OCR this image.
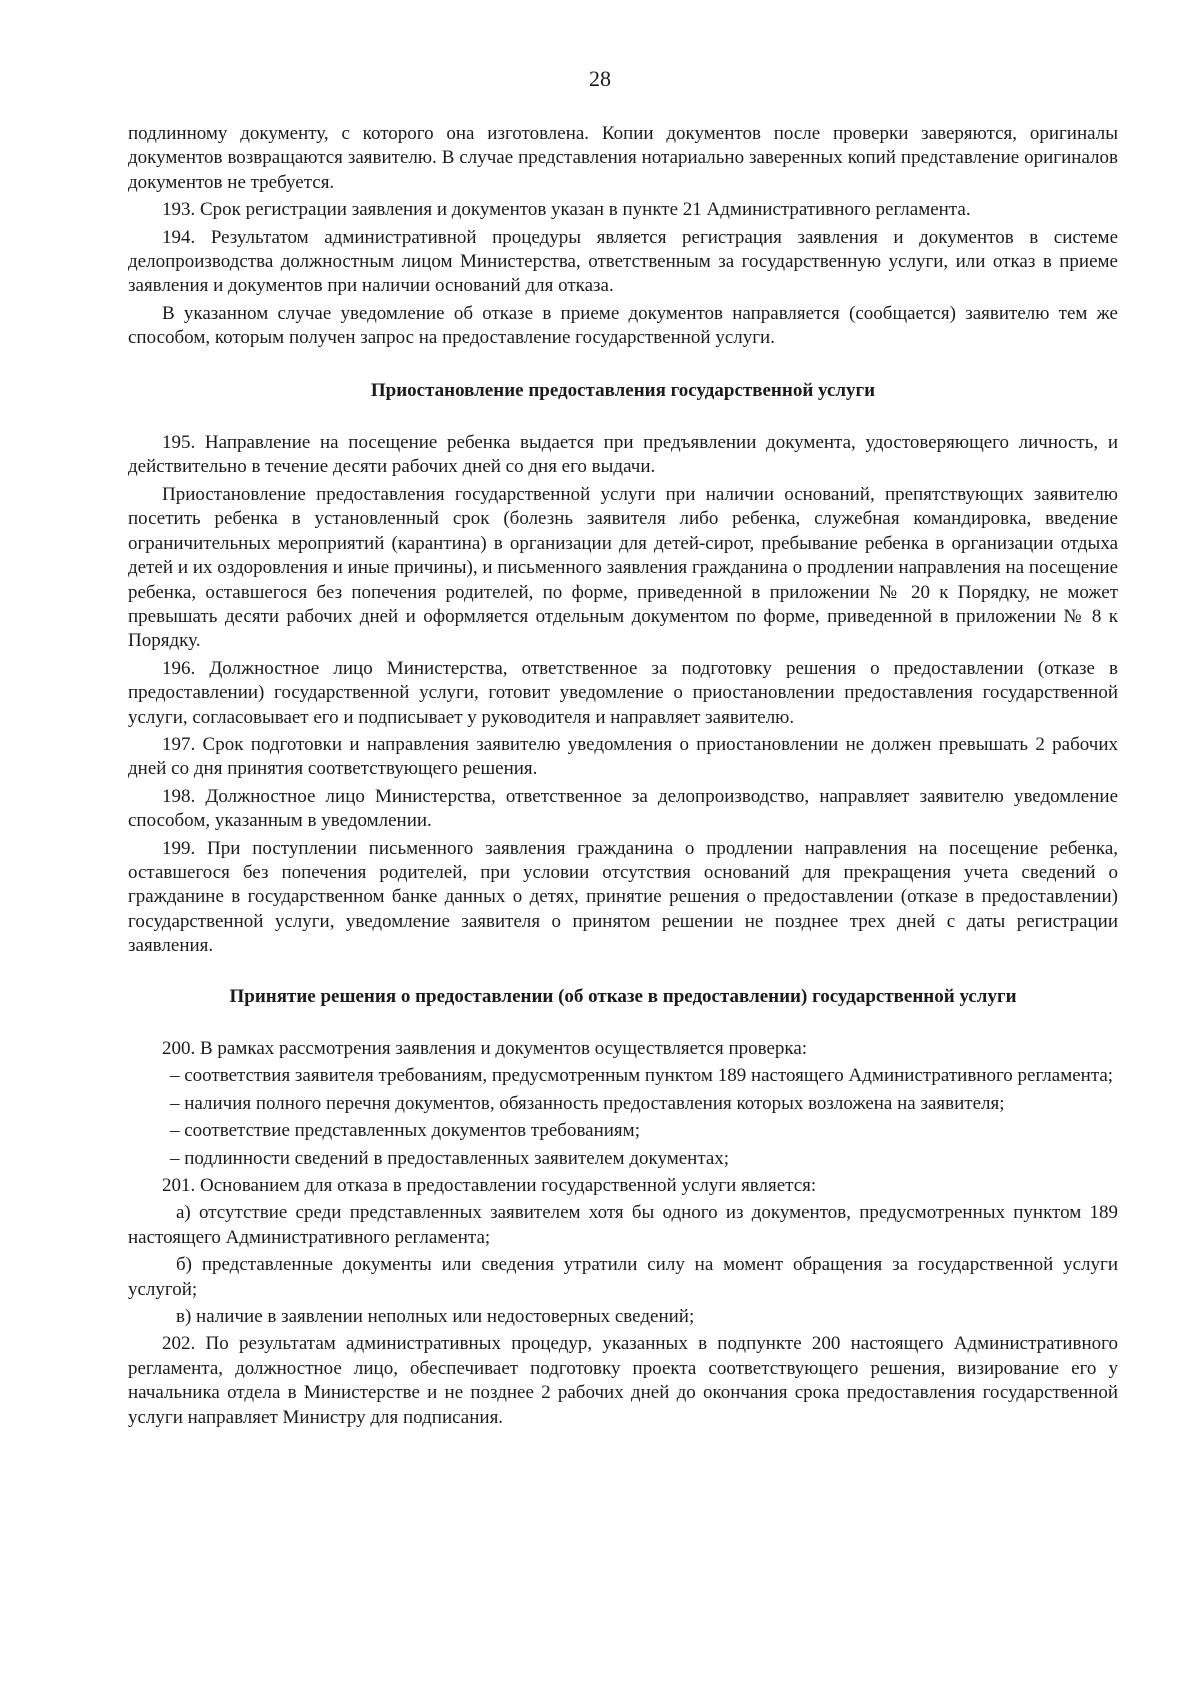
28

подлинному документу, с которого она изготовлена. Копии документов после проверки заверяются, оригиналы документов возвращаются заявителю. В случае представления нотариально заверенных копий представление оригиналов документов не требуется.

193. Срок регистрации заявления и документов указан в пункте 21 Административного регламента.

194. Результатом административной процедуры является регистрация заявления и документов в системе делопроизводства должностным лицом Министерства, ответственным за государственную услуги, или отказ в приеме заявления и документов при наличии оснований для отказа.

В указанном случае уведомление об отказе в приеме документов направляется (сообщается) заявителю тем же способом, которым получен запрос на предоставление государственной услуги.

Приостановление предоставления государственной услуги

195. Направление на посещение ребенка выдается при предъявлении документа, удостоверяющего личность, и действительно в течение десяти рабочих дней со дня его выдачи.

Приостановление предоставления государственной услуги при наличии оснований, препятствующих заявителю посетить ребенка в установленный срок (болезнь заявителя либо ребенка, служебная командировка, введение ограничительных мероприятий (карантина) в организации для детей-сирот, пребывание ребенка в организации отдыха детей и их оздоровления и иные причины), и письменного заявления гражданина о продлении направления на посещение ребенка, оставшегося без попечения родителей, по форме, приведенной в приложении № 20 к Порядку, не может превышать десяти рабочих дней и оформляется отдельным документом по форме, приведенной в приложении № 8 к Порядку.

196. Должностное лицо Министерства, ответственное за подготовку решения о предоставлении (отказе в предоставлении) государственной услуги, готовит уведомление о приостановлении предоставления государственной услуги, согласовывает его и подписывает у руководителя и направляет заявителю.

197. Срок подготовки и направления заявителю уведомления о приостановлении не должен превышать 2 рабочих дней со дня принятия соответствующего решения.

198. Должностное лицо Министерства, ответственное за делопроизводство, направляет заявителю уведомление способом, указанным в уведомлении.

199. При поступлении письменного заявления гражданина о продлении направления на посещение ребенка, оставшегося без попечения родителей, при условии отсутствия оснований для прекращения учета сведений о гражданине в государственном банке данных о детях, принятие решения о предоставлении (отказе в предоставлении) государственной услуги, уведомление заявителя о принятом решении не позднее трех дней с даты регистрации заявления.

Принятие решения о предоставлении (об отказе в предоставлении) государственной услуги

200. В рамках рассмотрения заявления и документов осуществляется проверка:

– соответствия заявителя требованиям, предусмотренным пунктом 189 настоящего Административного регламента;

– наличия полного перечня документов, обязанность предоставления которых возложена на заявителя;

– соответствие представленных документов требованиям;

– подлинности сведений в предоставленных заявителем документах;

201. Основанием для отказа в предоставлении государственной услуги является:

а) отсутствие среди представленных заявителем хотя бы одного из документов, предусмотренных пунктом 189 настоящего Административного регламента;

б) представленные документы или сведения утратили силу на момент обращения за государственной услуги услугой;

в) наличие в заявлении неполных или недостоверных сведений;

202. По результатам административных процедур, указанных в подпункте 200 настоящего Административного регламента, должностное лицо, обеспечивает подготовку проекта соответствующего решения, визирование его у начальника отдела в Министерстве и не позднее 2 рабочих дней до окончания срока предоставления государственной услуги направляет Министру для подписания.
